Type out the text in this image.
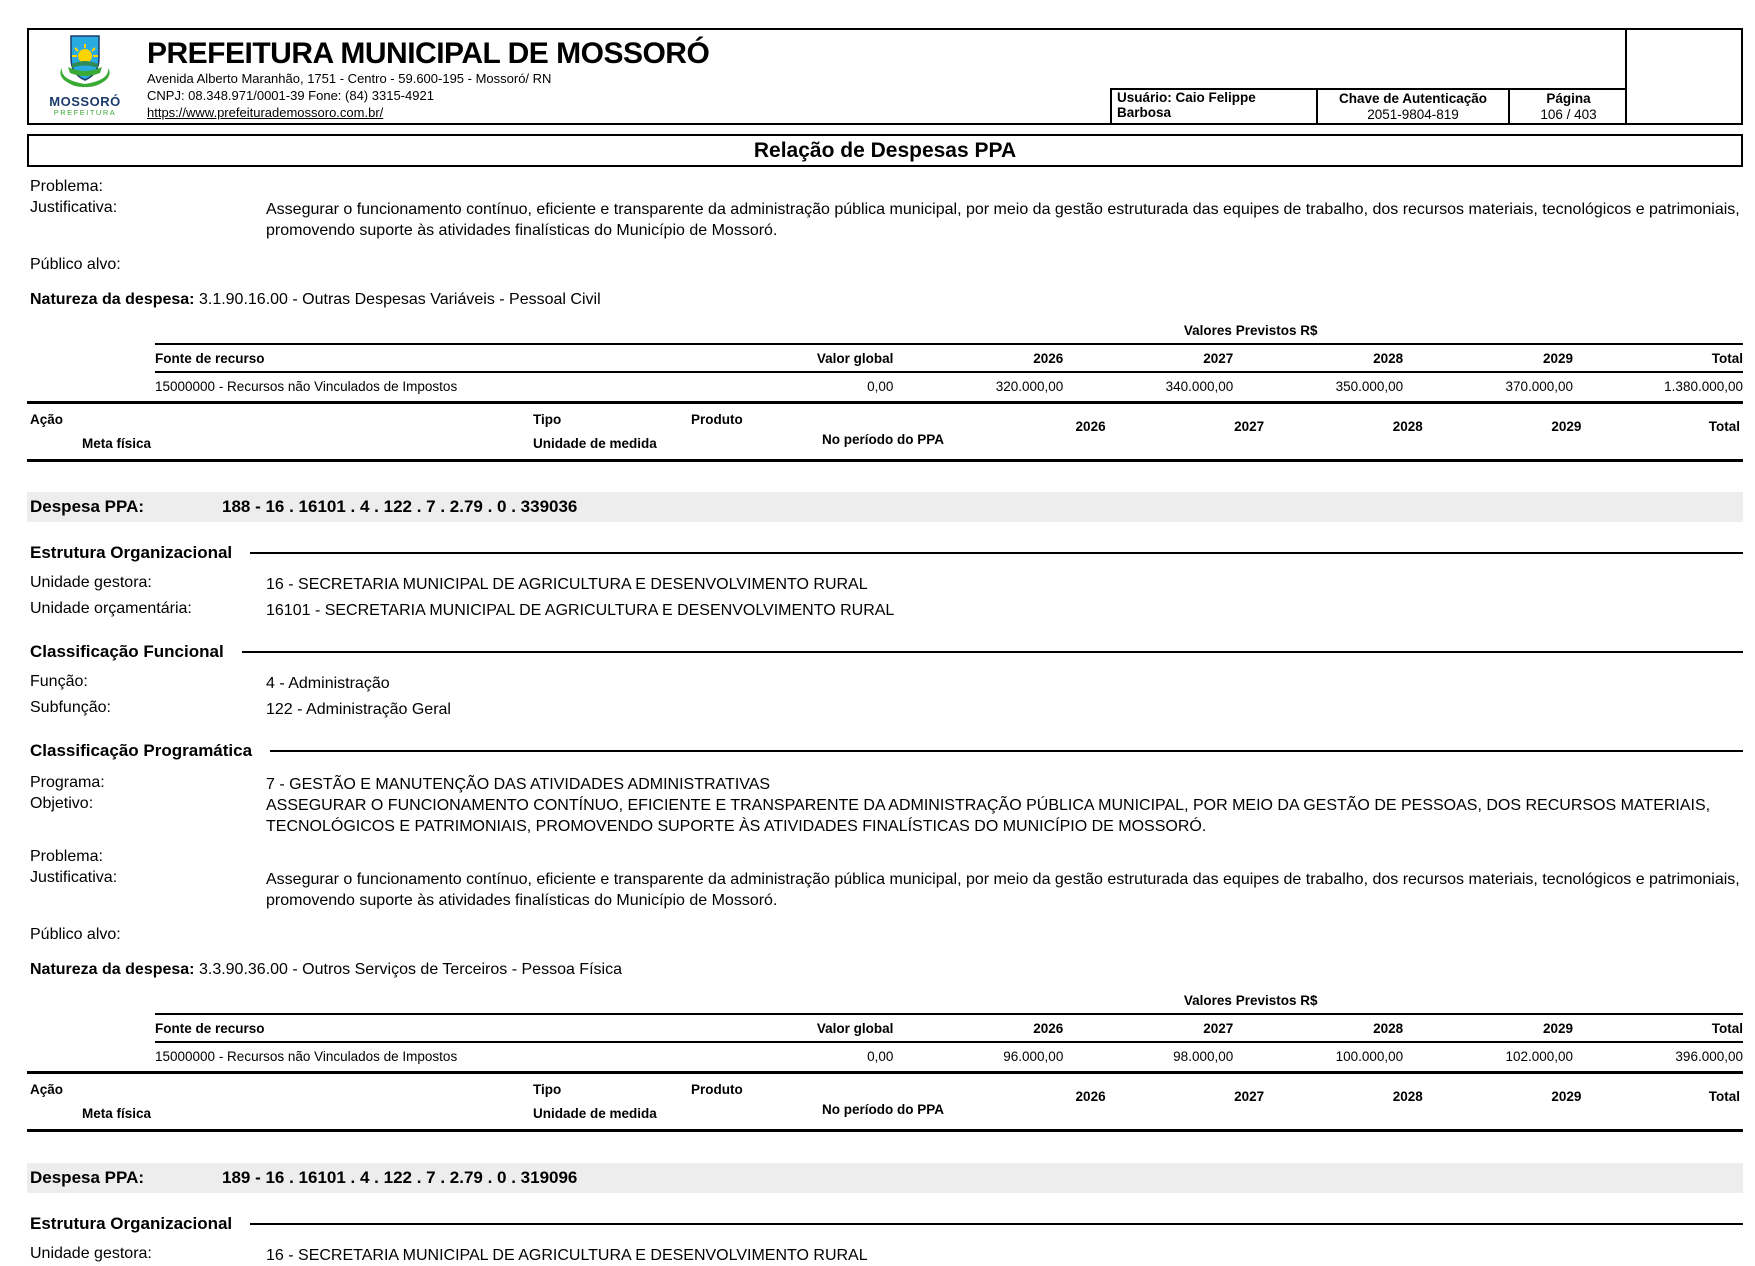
MOSSORÓ
PREFEITURA
PREFEITURA MUNICIPAL DE MOSSORÓ
Avenida Alberto Maranhão, 1751 - Centro - 59.600-195 - Mossoró/ RN
CNPJ: 08.348.971/0001-39 Fone: (84) 3315-4921
https://www.prefeiturademossoro.com.br/
Usuário: Caio Felippe Barbosa
Chave de Autenticação
2051-9804-819
Página
106 / 403
Relação de Despesas PPA
Problema:
Justificativa:	Assegurar o funcionamento contínuo, eficiente e transparente da administração pública municipal, por meio da gestão estruturada das equipes de trabalho, dos recursos materiais, tecnológicos e patrimoniais, promovendo suporte às atividades finalísticas do Município de Mossoró.
Público alvo:
Natureza da despesa: 3.1.90.16.00 - Outras Despesas Variáveis - Pessoal Civil
Valores Previstos R$
Fonte de recurso	Valor global	2026	2027	2028	2029	Total
15000000 - Recursos não Vinculados de Impostos	0,00	320.000,00	340.000,00	350.000,00	370.000,00	1.380.000,00
Ação	Tipo	Produto	2026	2027	2028	2029	Total
Meta física	Unidade de medida	No período do PPA
Despesa PPA:	188 - 16 . 16101 . 4 . 122 . 7 . 2.79 . 0 . 339036
Estrutura Organizacional
Unidade gestora:	16 - SECRETARIA MUNICIPAL DE AGRICULTURA E DESENVOLVIMENTO RURAL
Unidade orçamentária:	16101 - SECRETARIA MUNICIPAL DE AGRICULTURA E DESENVOLVIMENTO RURAL
Classificação Funcional
Função:	4 - Administração
Subfunção:	122 - Administração Geral
Classificação Programática
Programa:	7 - GESTÃO E MANUTENÇÃO DAS ATIVIDADES ADMINISTRATIVAS
Objetivo:	ASSEGURAR O FUNCIONAMENTO CONTÍNUO, EFICIENTE E TRANSPARENTE DA ADMINISTRAÇÃO PÚBLICA MUNICIPAL, POR MEIO DA GESTÃO DE PESSOAS, DOS RECURSOS MATERIAIS, TECNOLÓGICOS E PATRIMONIAIS, PROMOVENDO SUPORTE ÀS ATIVIDADES FINALÍSTICAS DO MUNICÍPIO DE MOSSORÓ.
Problema:
Justificativa:	Assegurar o funcionamento contínuo, eficiente e transparente da administração pública municipal, por meio da gestão estruturada das equipes de trabalho, dos recursos materiais, tecnológicos e patrimoniais, promovendo suporte às atividades finalísticas do Município de Mossoró.
Público alvo:
Natureza da despesa: 3.3.90.36.00 - Outros Serviços de Terceiros - Pessoa Física
Valores Previstos R$
Fonte de recurso	Valor global	2026	2027	2028	2029	Total
15000000 - Recursos não Vinculados de Impostos	0,00	96.000,00	98.000,00	100.000,00	102.000,00	396.000,00
Ação	Tipo	Produto	2026	2027	2028	2029	Total
Meta física	Unidade de medida	No período do PPA
Despesa PPA:	189 - 16 . 16101 . 4 . 122 . 7 . 2.79 . 0 . 319096
Estrutura Organizacional
Unidade gestora:	16 - SECRETARIA MUNICIPAL DE AGRICULTURA E DESENVOLVIMENTO RURAL
